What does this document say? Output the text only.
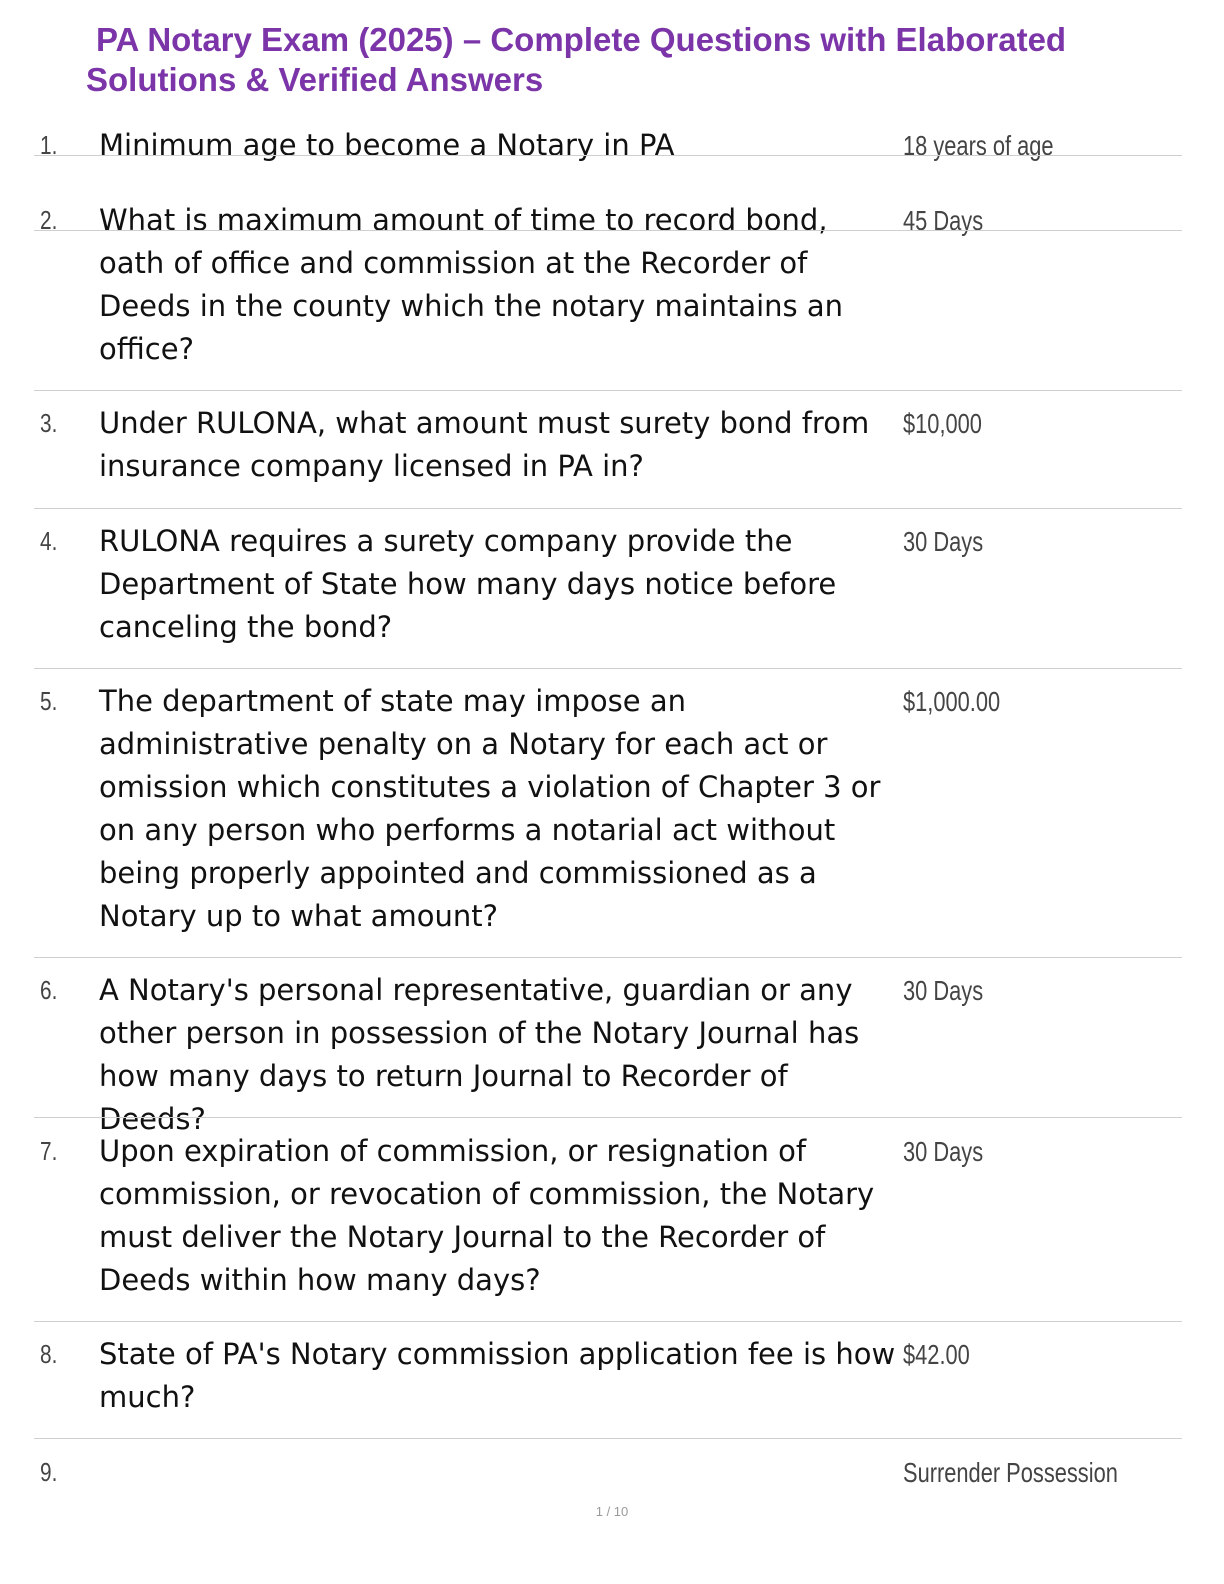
PA Notary Exam (2025) – Complete Questions with Elaborated
Solutions & Verified Answers
1. Minimum age to become a Notary in PA	18 years of age
2. What is maximum amount of time to record bond, oath of office and commission at the Recorder of Deeds in the county which the notary maintains an office?
45 Days
3. Under RULONA, what amount must surety bond from insurance company licensed in PA in?
$10,000
4. RULONA requires a surety company provide the Department of State how many days notice before canceling the bond?
30 Days
5. The department of state may impose an administrative penalty on a Notary for each act or omission which constitutes a violation of Chapter 3 or on any person who performs a notarial act without being properly appointed and commissioned as a Notary up to what amount?
$1,000.00
6. A Notary's personal representative, guardian or any other person in possession of the Notary Journal has how many days to return Journal to Recorder of Deeds?
30 Days
7. Upon expiration of commission, or resignation of commission, or revocation of commission, the Notary must deliver the Notary Journal to the Recorder of Deeds within how many days?
30 Days
8. State of PA's Notary commission application fee is how much?
$42.00
9.	Surrender Possession
1 / 10
